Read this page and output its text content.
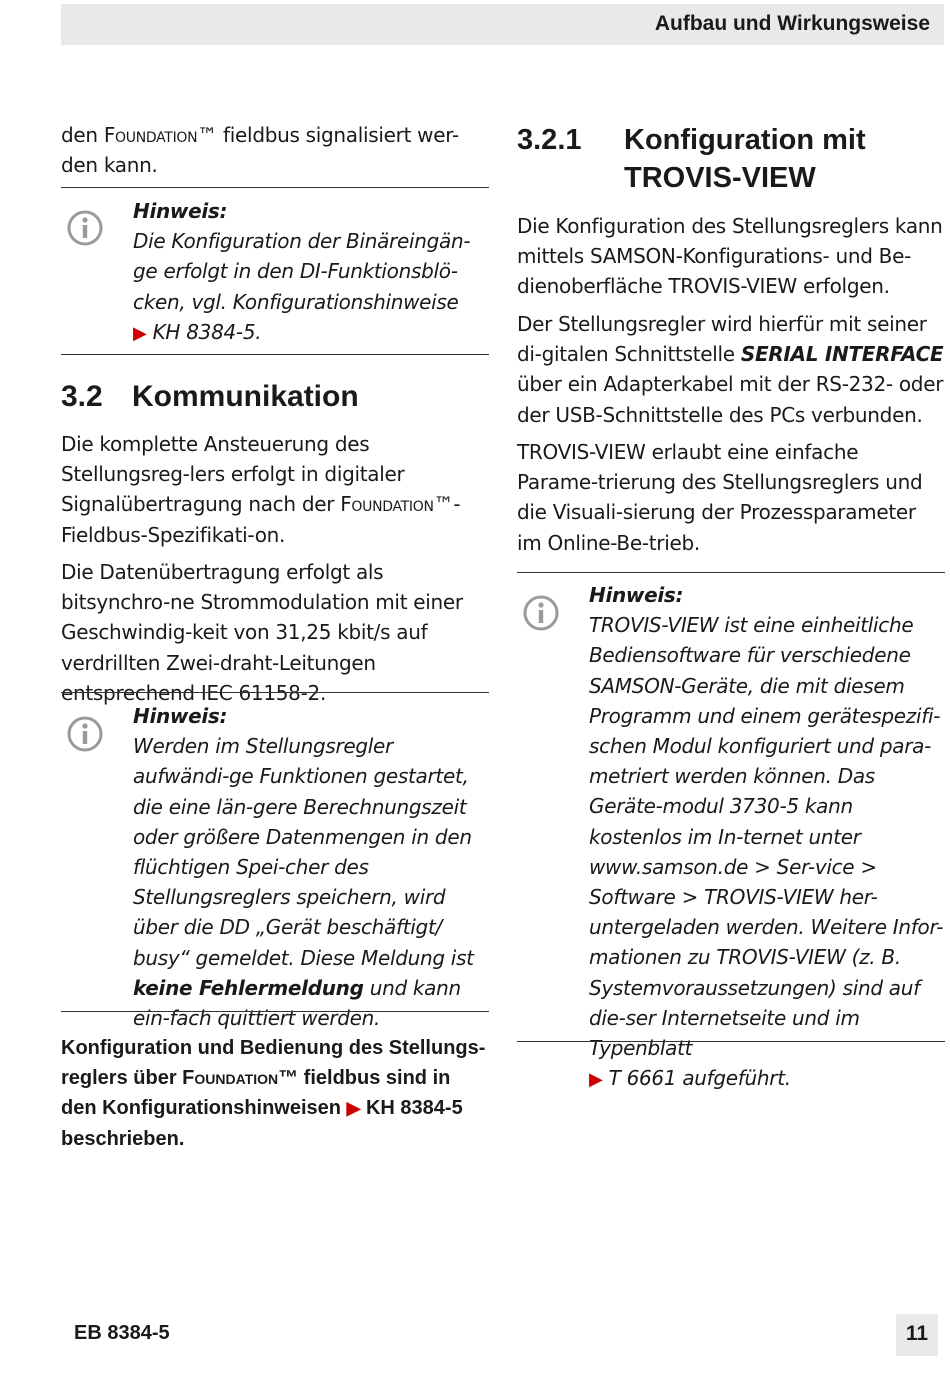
Aufbau und Wirkungsweise

den Foundation™ fieldbus signalisiert wer-den kann.

Hinweis:

Die Konfiguration der Binäreingän-ge erfolgt in den DI-Funktionsblö-cken, vgl. Konfigurationshinweise
▶ KH 8384-5.

3.2 Kommunikation

Die komplette Ansteuerung des Stellungsreg-lers erfolgt in digitaler Signalübertragung nach der Foundation™-Fieldbus-Spezifikati-on.

Die Datenübertragung erfolgt als bitsynchro-ne Strommodulation mit einer Geschwindig-keit von 31,25 kbit/s auf verdrillten Zwei-draht-Leitungen entsprechend IEC 61158-2.

Hinweis:

Werden im Stellungsregler aufwändi-ge Funktionen gestartet, die eine län-gere Berechnungszeit oder größere Datenmengen in den flüchtigen Spei-cher des Stellungsreglers speichern, wird über die DD „Gerät beschäftigt/ busy“ gemeldet. Diese Meldung ist keine Fehlermeldung und kann ein-fach quittiert werden.

Konfiguration und Bedienung des Stellungs-reglers über Foundation™ fieldbus sind in den Konfigurationshinweisen ▶ KH 8384-5 beschrieben.

3.2.1 Konfiguration mit
TROVIS-VIEW

Die Konfiguration des Stellungsreglers kann mittels SAMSON-Konfigurations- und Be-dienoberfläche TROVIS-VIEW erfolgen.

Der Stellungsregler wird hierfür mit seiner di-gitalen Schnittstelle SERIAL INTERFACE über ein Adapterkabel mit der RS-232- oder der USB-Schnittstelle des PCs verbunden.

TROVIS-VIEW erlaubt eine einfache Parame-trierung des Stellungsreglers und die Visuali-sierung der Prozessparameter im Online-Be-trieb.

Hinweis:

TROVIS-VIEW ist eine einheitliche Bediensoftware für verschiedene SAMSON-Geräte, die mit diesem Programm und einem gerätespezifi-schen Modul konfiguriert und para-metriert werden können. Das Geräte-modul 3730-5 kann kostenlos im In-ternet unter www.samson.de > Ser-vice > Software > TROVIS-VIEW her-untergeladen werden. Weitere Infor-mationen zu TROVIS-VIEW (z. B. Systemvoraussetzungen) sind auf die-ser Internetseite und im Typenblatt
▶ T 6661 aufgeführt.

EB 8384-5	11
